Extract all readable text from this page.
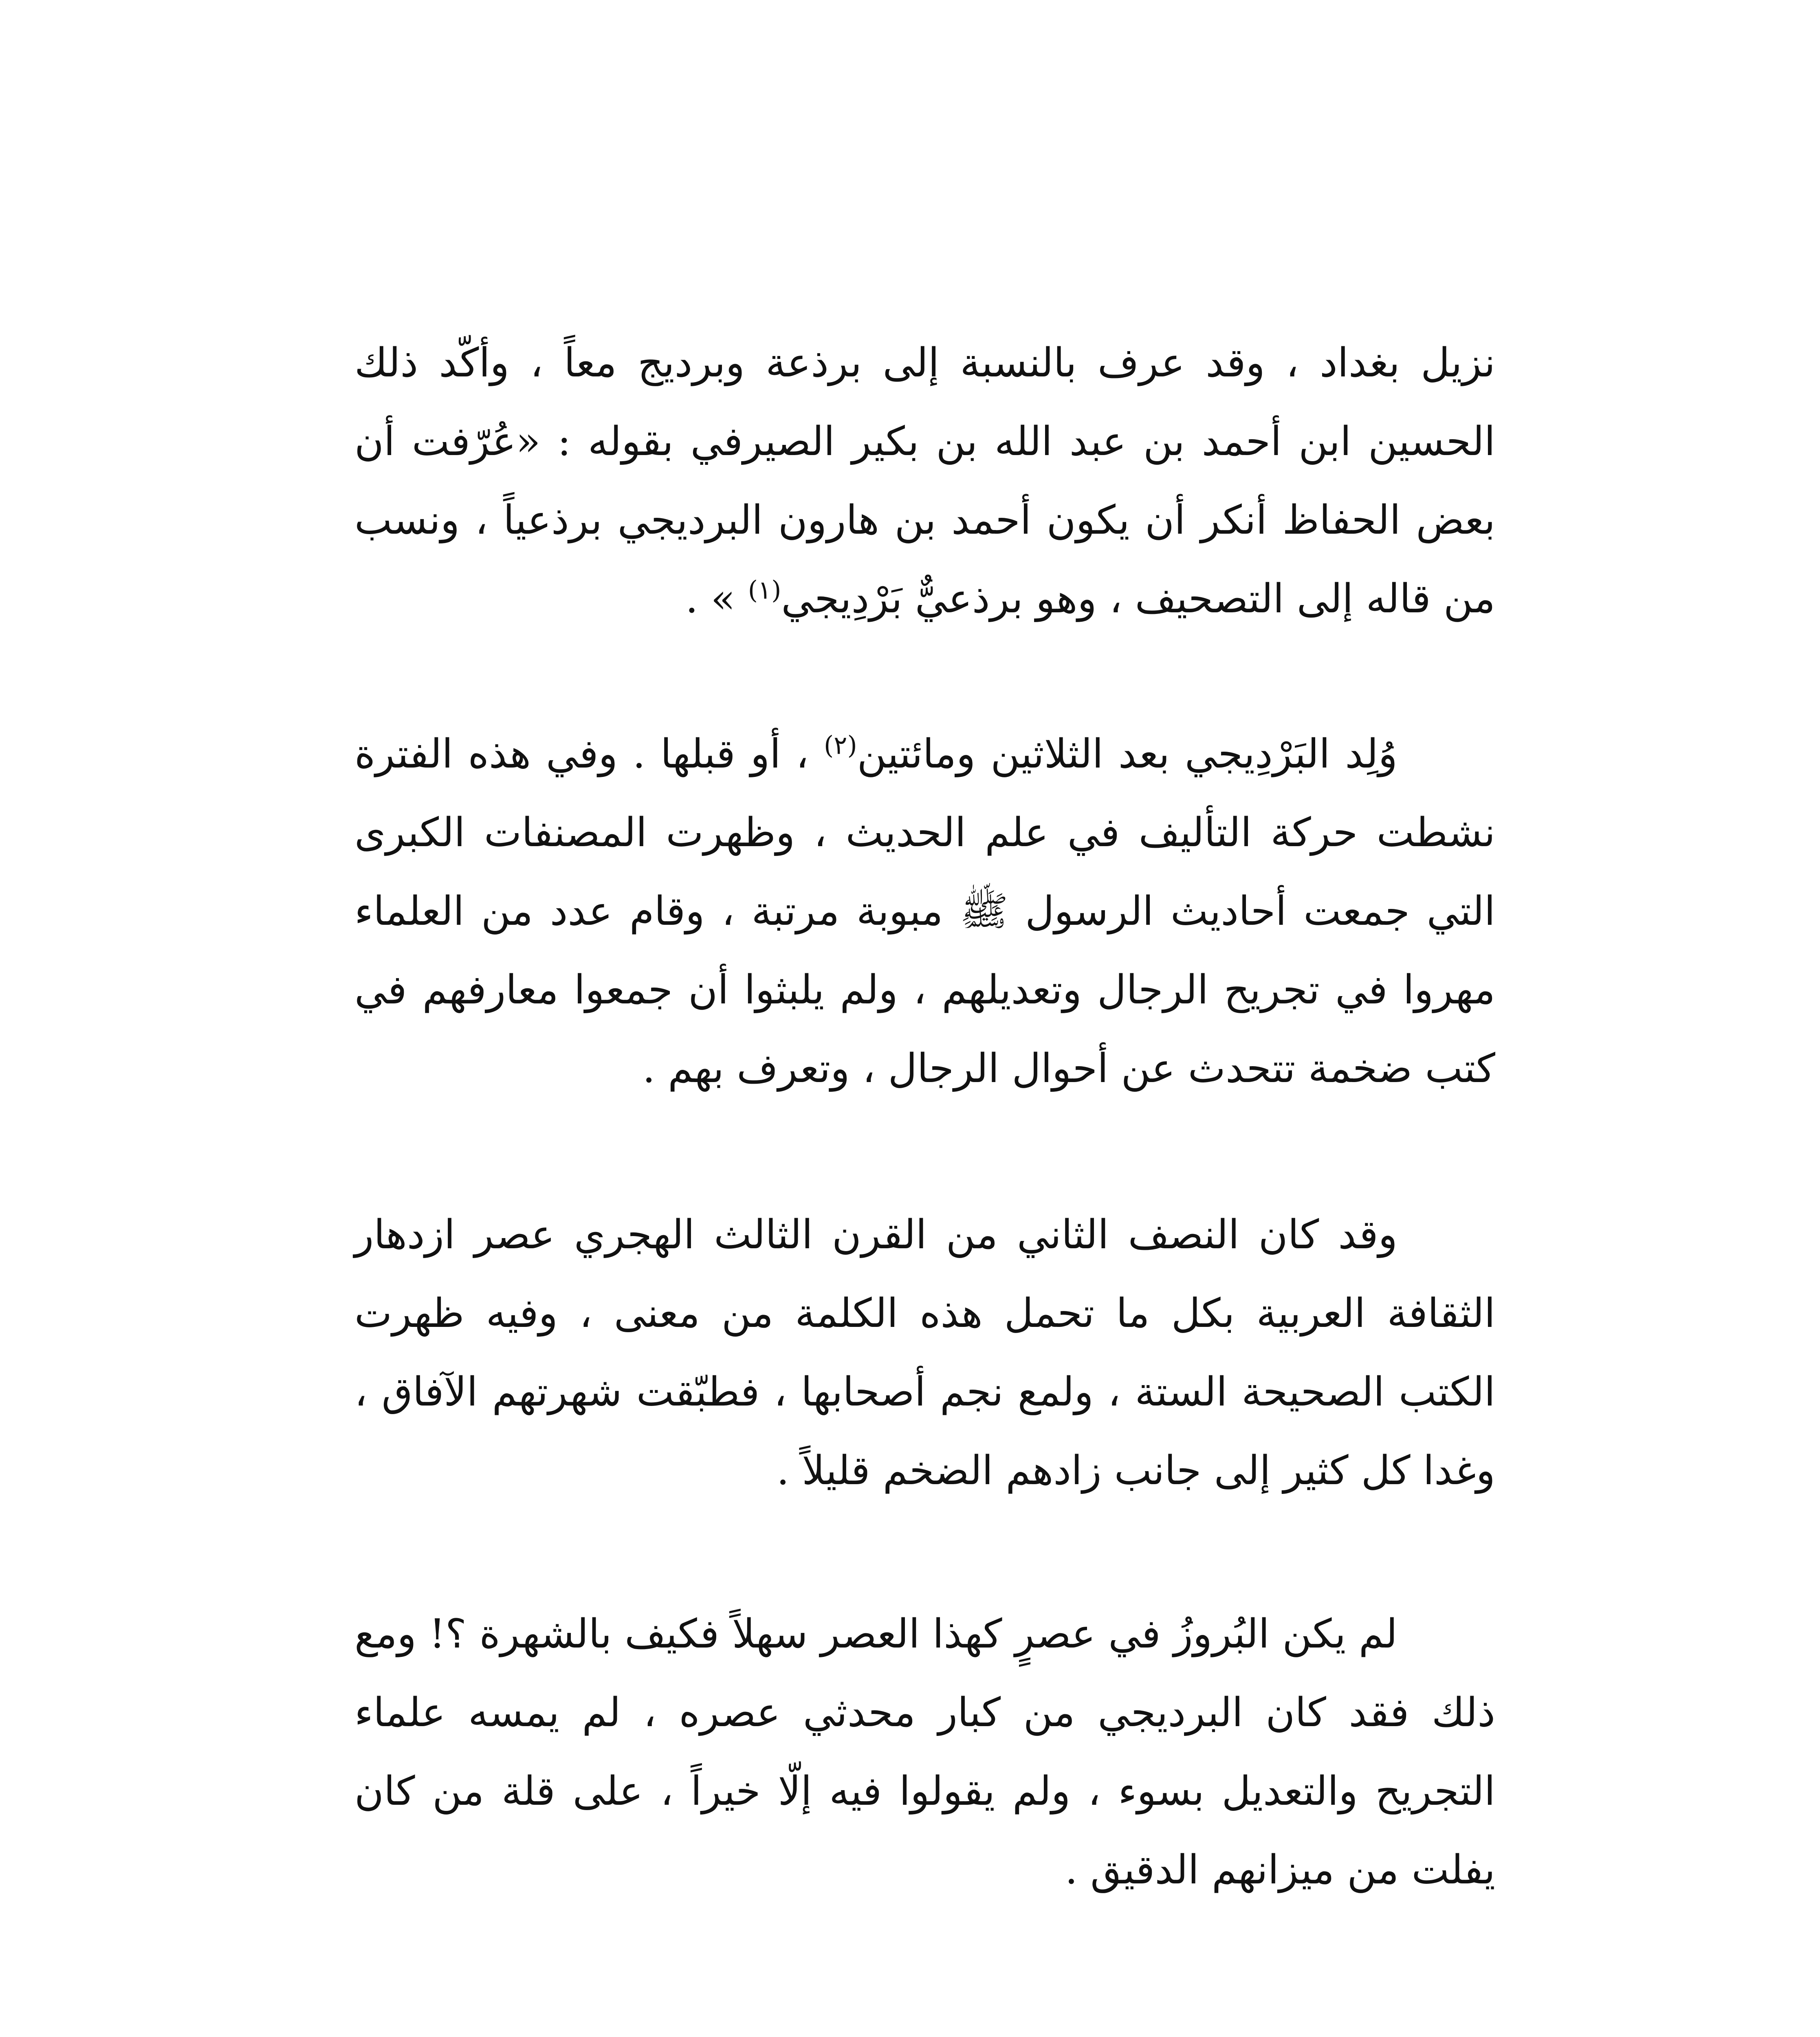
نزيل بغداد ، وقد عرف بالنسبة إلى برذعة وبرديج معاً ، وأكّد ذلك الحسين ابن أحمد بن عبد الله بن بكير الصيرفي بقوله : «عُرّفت أن بعض الحفاظ أنكر أن يكون أحمد بن هارون البرديجي برذعياً ، ونسب من قاله إلى التصحيف ، وهو برذعيٌّ بَرْدِيجي$^{(١)}$ » .

وُلِد البَرْدِيجي بعد الثلاثين ومائتين$^{(٢)}$ ، أو قبلها . وفي هذه الفترة نشطت حركة التأليف في علم الحديث ، وظهرت المصنفات الكبرى التي جمعت أحاديث الرسول ﷺ مبوبة مرتبة ، وقام عدد من العلماء مهروا في تجريح الرجال وتعديلهم ، ولم يلبثوا أن جمعوا معارفهم في كتب ضخمة تتحدث عن أحوال الرجال ، وتعرف بهم .

وقد كان النصف الثاني من القرن الثالث الهجري عصر ازدهار الثقافة العربية بكل ما تحمل هذه الكلمة من معنى ، وفيه ظهرت الكتب الصحيحة الستة ، ولمع نجم أصحابها ، فطبّقت شهرتهم الآفاق ، وغدا كل كثير إلى جانب زادهم الضخم قليلاً .

لم يكن البُروزُ في عصرٍ كهذا العصر سهلاً فكيف بالشهرة ؟! ومع ذلك فقد كان البرديجي من كبار محدثي عصره ، لم يمسه علماء التجريح والتعديل بسوء ، ولم يقولوا فيه إلّا خيراً ، على قلة من كان يفلت من ميزانهم الدقيق .
